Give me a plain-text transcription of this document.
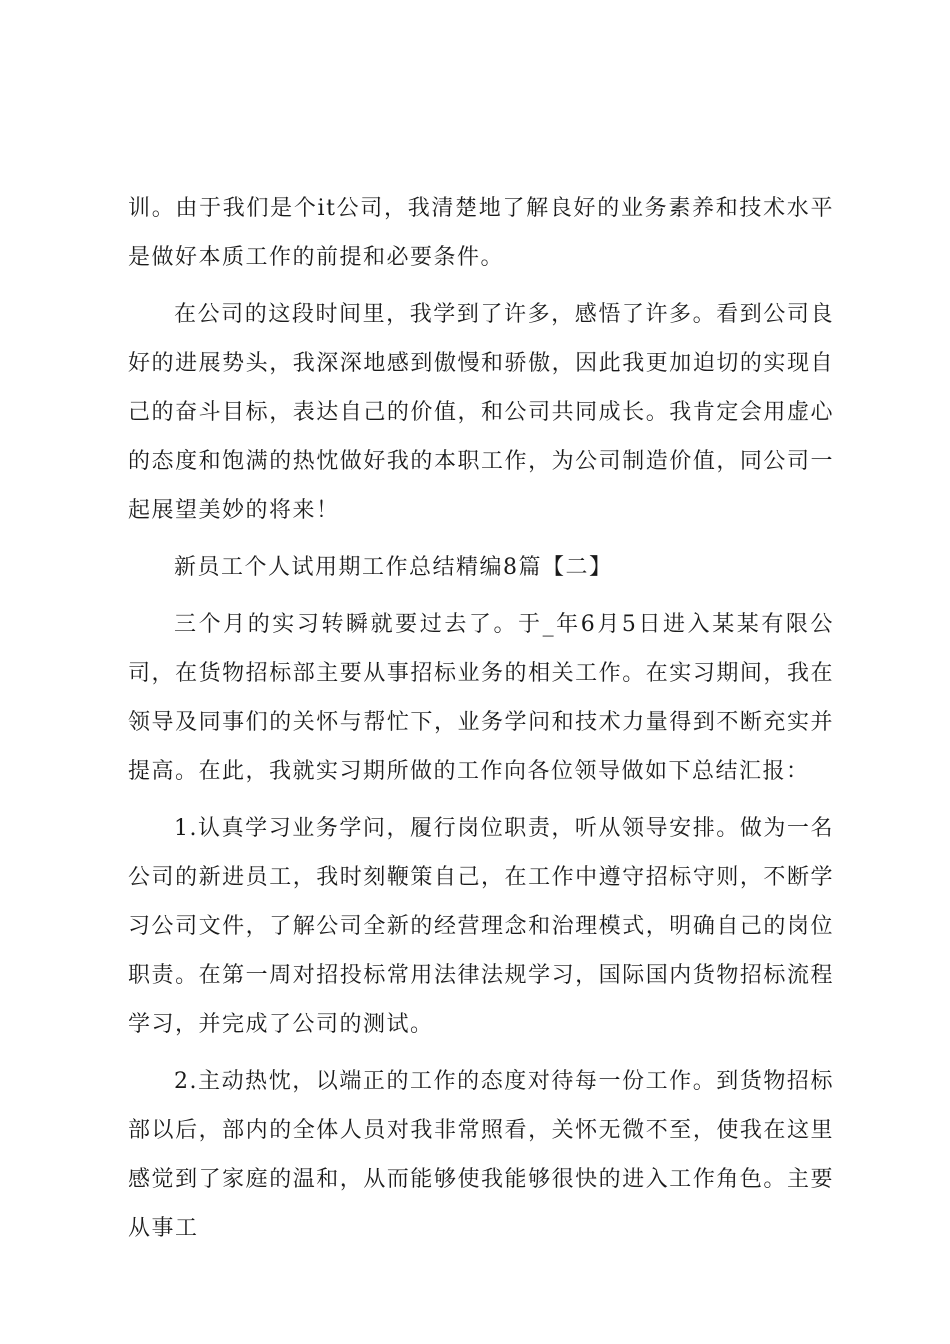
训。由于我们是个it公司，我清楚地了解良好的业务素养和技术水平是做好本质工作的前提和必要条件。

在公司的这段时间里，我学到了许多，感悟了许多。看到公司良好的进展势头，我深深地感到傲慢和骄傲，因此我更加迫切的实现自己的奋斗目标，表达自己的价值，和公司共同成长。我肯定会用虚心的态度和饱满的热忱做好我的本职工作，为公司制造价值，同公司一起展望美妙的将来！

新员工个人试用期工作总结精编8篇【二】

三个月的实习转瞬就要过去了。于_年6月5日进入某某有限公司，在货物招标部主要从事招标业务的相关工作。在实习期间，我在领导及同事们的关怀与帮忙下，业务学问和技术力量得到不断充实并提高。在此，我就实习期所做的工作向各位领导做如下总结汇报：

1.认真学习业务学问，履行岗位职责，听从领导安排。做为一名公司的新进员工，我时刻鞭策自己，在工作中遵守招标守则，不断学习公司文件，了解公司全新的经营理念和治理模式，明确自己的岗位职责。在第一周对招投标常用法律法规学习，国际国内货物招标流程学习，并完成了公司的测试。

2.主动热忱，以端正的工作的态度对待每一份工作。到货物招标部以后，部内的全体人员对我非常照看，关怀无微不至，使我在这里感觉到了家庭的温和，从而能够使我能够很快的进入工作角色。主要从事工
